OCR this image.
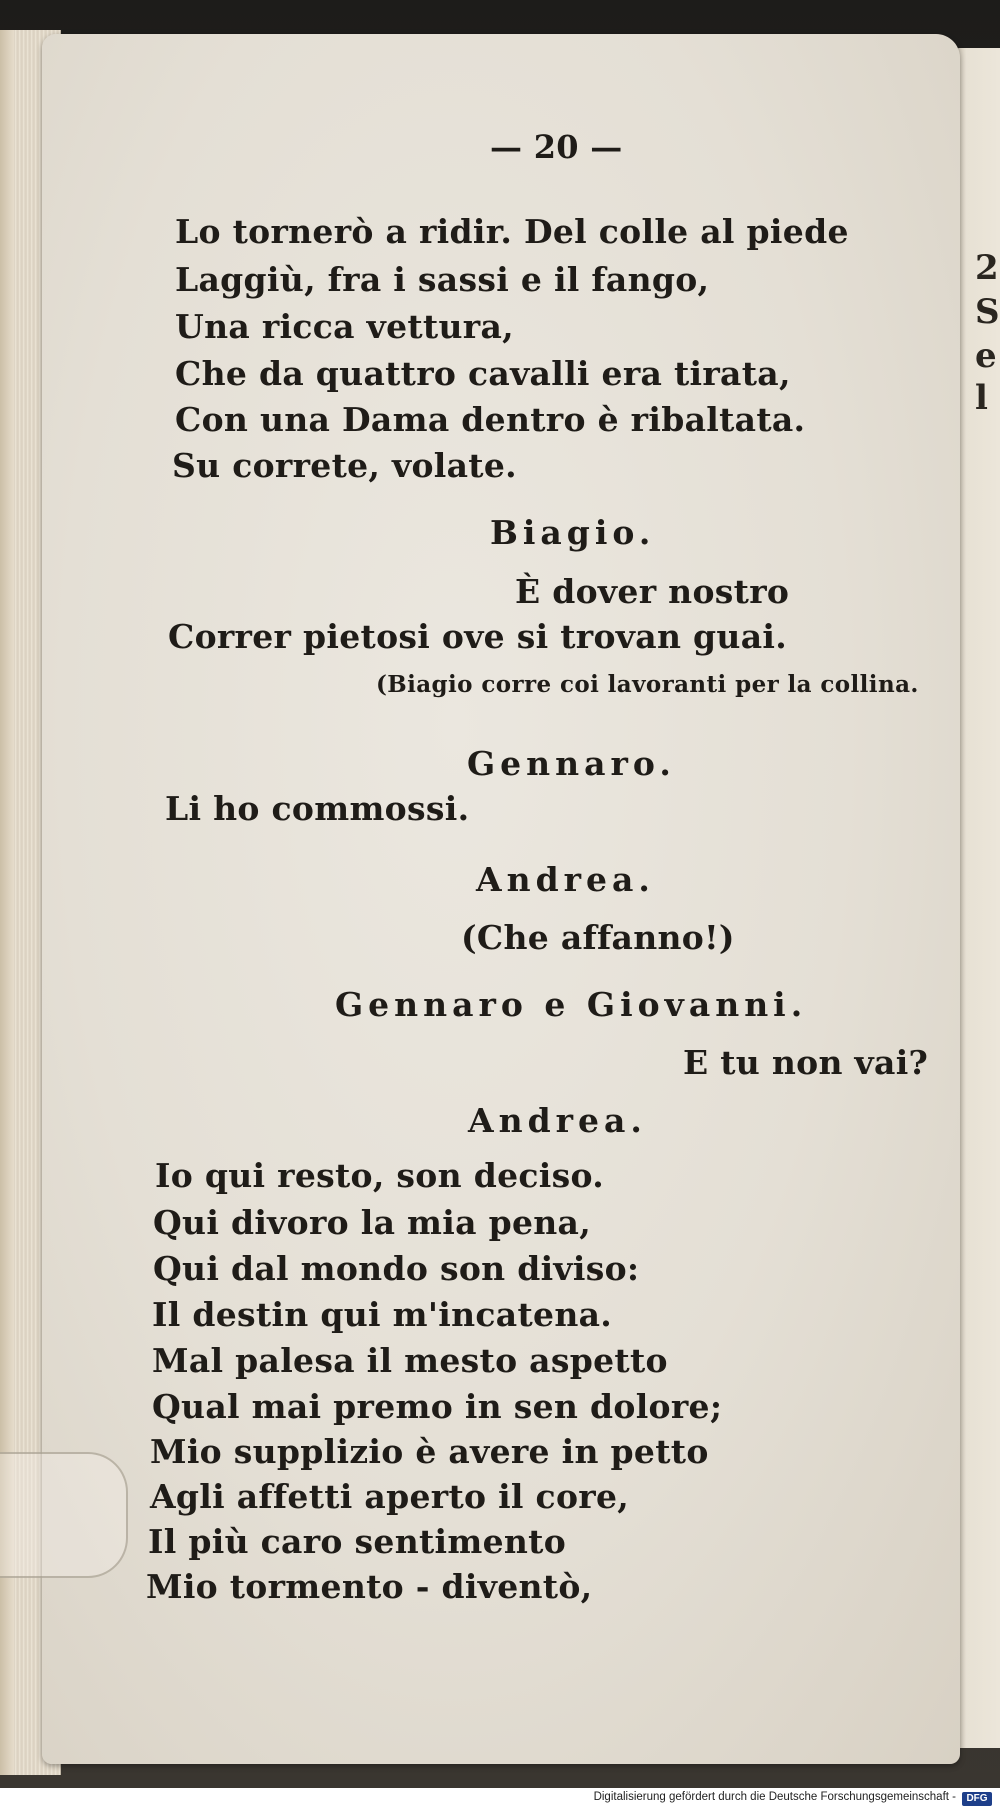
2
S
e
l
— 20 —
Lo tornerò a ridir. Del colle al piede
Laggiù, fra i sassi e il fango,
Una ricca vettura,
Che da quattro cavalli era tirata,
Con una Dama dentro è ribaltata.
Su correte, volate.
Biagio.
È dover nostro
Correr pietosi ove si trovan guai.
(Biagio corre coi lavoranti per la collina.
Gennaro.
Li ho commossi.
Andrea.
(Che affanno!)
Gennaro e Giovanni.
E tu non vai?
Andrea.
Io qui resto, son deciso.
Qui divoro la mia pena,
Qui dal mondo son diviso:
Il destin qui m'incatena.
Mal palesa il mesto aspetto
Qual mai premo in sen dolore;
Mio supplizio è avere in petto
Agli affetti aperto il core,
Il più caro sentimento
Mio tormento - diventò,
Digitalisierung gefördert durch die Deutsche Forschungsgemeinschaft -	DFG
